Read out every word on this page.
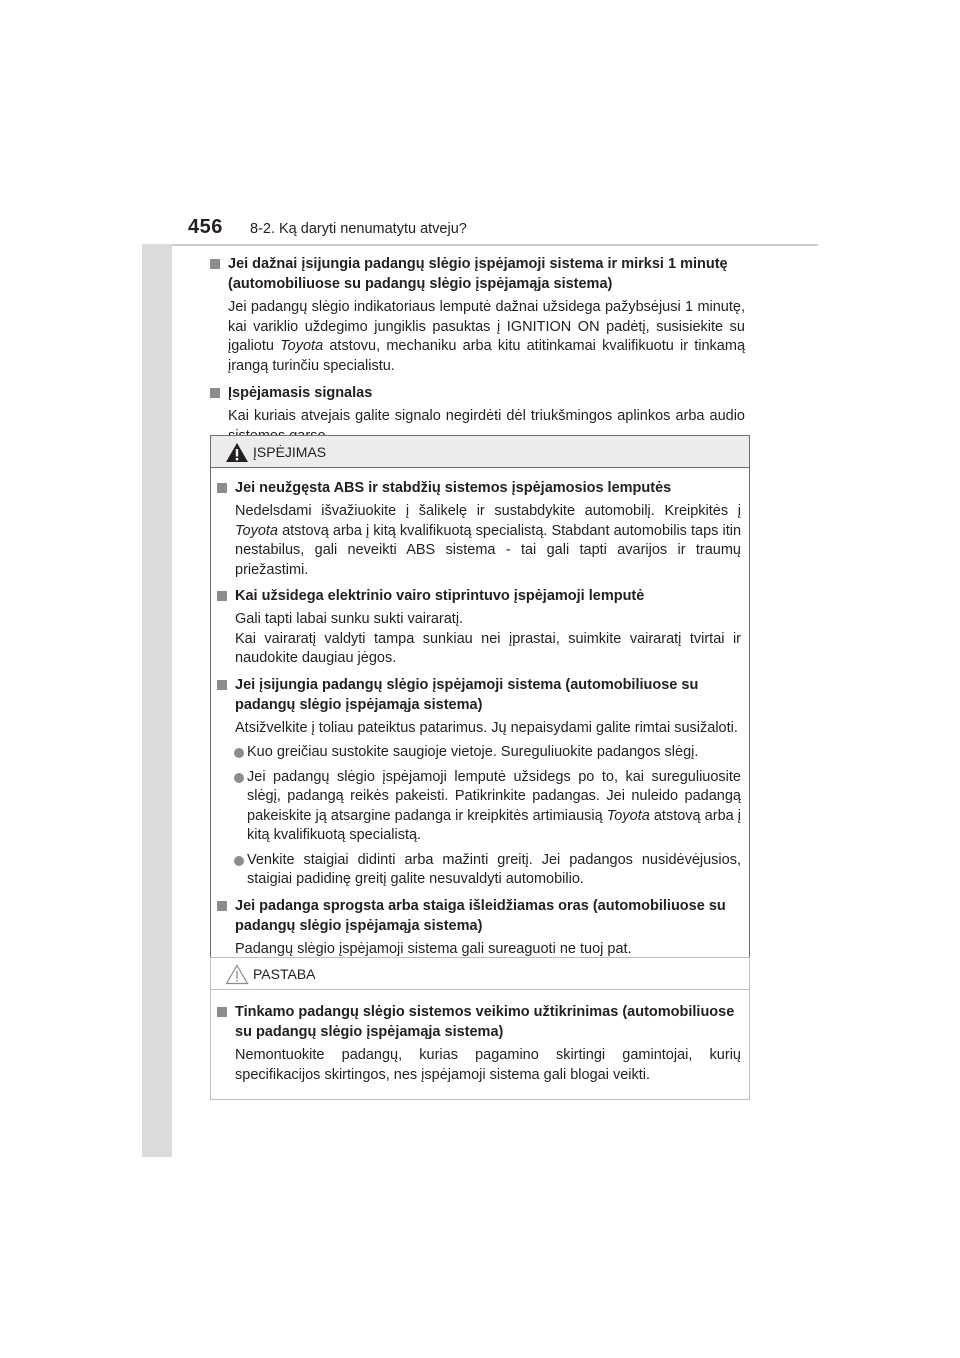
456 8-2. Ką daryti nenumatytu atveju?
Jei dažnai įsijungia padangų slėgio įspėjamoji sistema ir mirksi 1 minutę (automobiliuose su padangų slėgio įspėjamąja sistema)
Jei padangų slėgio indikatoriaus lemputė dažnai užsidega pažybsėjusi 1 minutę, kai variklio uždegimo jungiklis pasuktas į IGNITION ON padėtį, susisiekite su įgaliotu Toyota atstovu, mechaniku arba kitu atitinkamai kvalifikuotu ir tinkamą įrangą turinčiu specialistu.
Įspėjamasis signalas
Kai kuriais atvejais galite signalo negirdėti dėl triukšmingos aplinkos arba audio
ĮSPĖJIMAS
Jei neužgęsta ABS ir stabdžių sistemos įspėjamosios lemputės
Nedelsdami išvažiuokite į šalikelę ir sustabdykite automobilį. Kreipkitės į Toyota atstovą arba į kitą kvalifikuotą specialistą. Stabdant automobilis taps itin nestabilus, gali neveikti ABS sistema - tai gali tapti avarijos ir traumų priežastimi.
Kai užsidega elektrinio vairo stiprintuvo įspėjamoji lemputė
Gali tapti labai sunku sukti vairaratį.
Kai vairaratį valdyti tampa sunkiau nei įprastai, suimkite vairaratį tvirtai ir naudokite daugiau jėgos.
Jei įsijungia padangų slėgio įspėjamoji sistema (automobiliuose su padangų slėgio įspėjamąja sistema)
Atsižvelkite į toliau pateiktus patarimus. Jų nepaisydami galite rimtai susižaloti.
Kuo greičiau sustokite saugioje vietoje. Sureguliuokite padangos slėgį.
Jei padangų slėgio įspėjamoji lemputė užsidegs po to, kai sureguliuosite slėgį, padangą reikės pakeisti. Patikrinkite padangas. Jei nuleido padangą pakeiskite ją atsargine padanga ir kreipkitės artimiausią Toyota atstovą arba į kitą kvalifikuotą specialistą.
Venkite staigiai didinti arba mažinti greitį. Jei padangos nusidėvėjusios, staigiai padidinę greitį galite nesuvaldyti automobilio.
Jei padanga sprogsta arba staiga išleidžiamas oras (automobiliuose su padangų slėgio įspėjamąja sistema)
Padangų slėgio įspėjamoji sistema gali sureaguoti ne tuoj pat.
PASTABA
Tinkamo padangų slėgio sistemos veikimo užtikrinimas (automobiliuose su padangų slėgio įspėjamąja sistema)
Nemontuokite padangų, kurias pagamino skirtingi gamintojai, kurių specifikacijos skirtingos, nes įspėjamoji sistema gali blogai veikti.
